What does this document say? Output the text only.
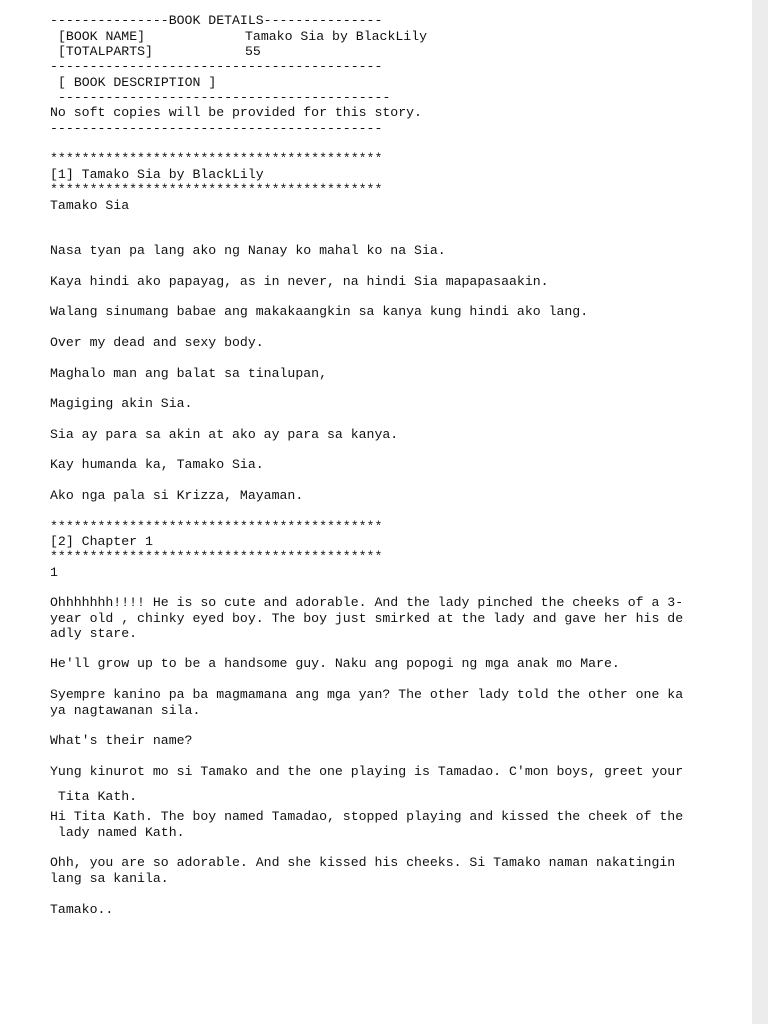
---------------BOOK DETAILS---------------
[BOOK NAME]	Tamako Sia by BlackLily
[TOTALPARTS]	55
------------------------------------------
[ BOOK DESCRIPTION ]
------------------------------------------
No soft copies will be provided for this story.
------------------------------------------
******************************************
[1] Tamako Sia by BlackLily
******************************************
Tamako Sia
Nasa tyan pa lang ako ng Nanay ko mahal ko na Sia.
Kaya hindi ako papayag, as in never, na hindi Sia mapapasaakin.
Walang sinumang babae ang makakaangkin sa kanya kung hindi ako lang.
Over my dead and sexy body.
Maghalo man ang balat sa tinalupan,
Magiging akin Sia.
Sia ay para sa akin at ako ay para sa kanya.
Kay humanda ka, Tamako Sia.
Ako nga pala si Krizza, Mayaman.
******************************************
[2] Chapter 1
******************************************
1
Ohhhhhhh!!!! He is so cute and adorable. And the lady pinched the cheeks of a 3-
year old , chinky eyed boy. The boy just smirked at the lady and gave her his de
adly stare.
He'll grow up to be a handsome guy. Naku ang popogi ng mga anak mo Mare.
Syempre kanino pa ba magmamana ang mga yan? The other lady told the other one ka
ya nagtawanan sila.
What's their name?
Yung kinurot mo si Tamako and the one playing is Tamadao. C'mon boys, greet your
Tita Kath.
Hi Tita Kath. The boy named Tamadao, stopped playing and kissed the cheek of the
lady named Kath.
Ohh, you are so adorable. And she kissed his cheeks. Si Tamako naman nakatingin
lang sa kanila.
Tamako..
